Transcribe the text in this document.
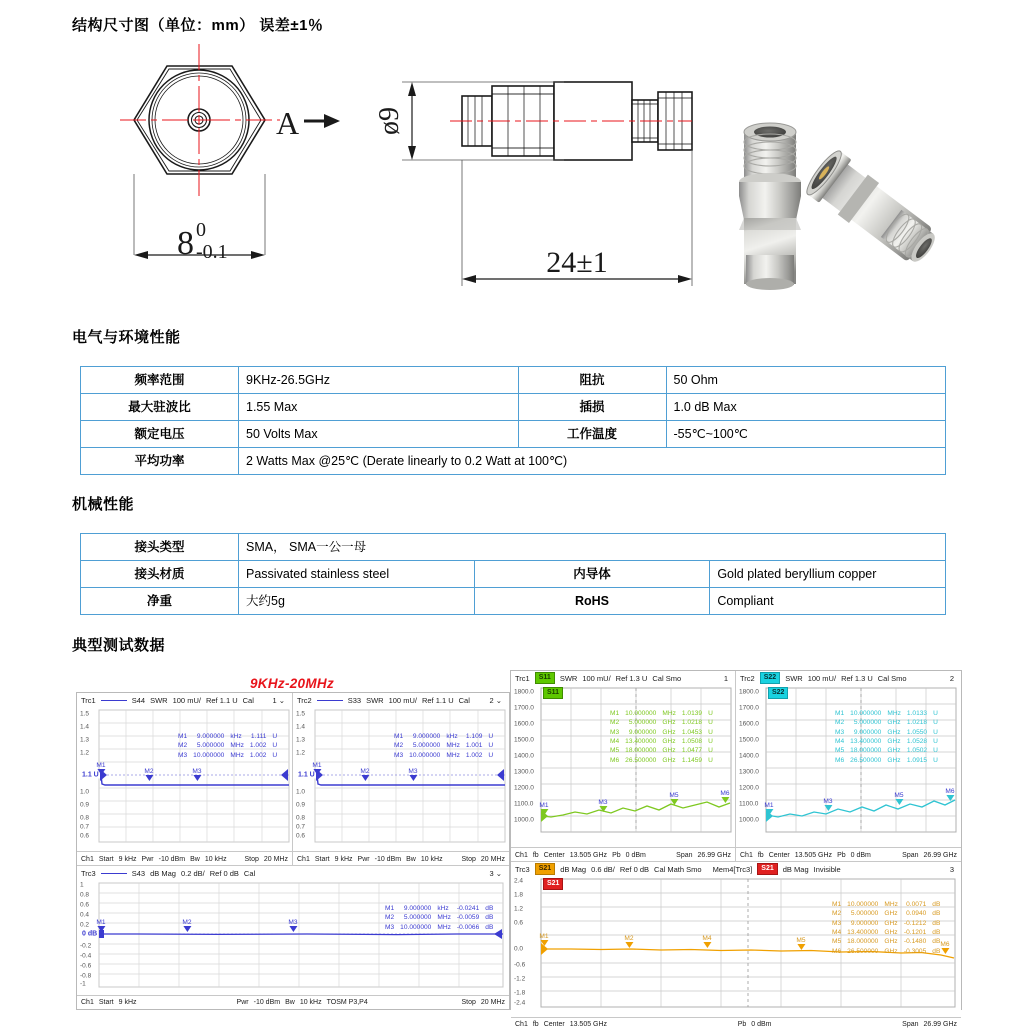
结构尺寸图（单位：mm） 误差±1％
8 0
-0.1
A	ø9
24±1
电气与环境性能
频率范围	9KHz-26.5GHz	阻抗	50 Ohm
最大驻波比	1.55 Max	插损	1.0 dB Max
额定电压	50 Volts Max	工作温度	-55℃~100℃
平均功率	2 Watts Max @25℃ (Derate linearly to 0.2 Watt at 100℃)		
机械性能
接头类型	SMA， SMA一公一母		
接头材质	Passivated stainless steel	内导体	Gold plated beryllium copper
净重	大约5g	RoHS	Compliant
典型测试数据
9KHz-20MHz
Trc1	S44 SWR 100 mU/ Ref 1.1 U Cal 1 ⌄
1.5
1.4
1.3
1.2
1.1 U
1.0
0.9
0.8
0.7
0.6

M1	9.000000	kHz	1.111	U
M2	5.000000	MHz	1.002	U
M3	10.000000	MHz	1.002	U

M1
M2	M3
Trc2	S33 SWR 100 mU/ Ref 1.1 U Cal	2 ⌄
1.5
1.4
1.3
1.2
1.1 U
1.0
0.9
0.8
0.7
0.6

M1	9.000000	kHz	1.109	U
M2	5.000000	MHz	1.001	U
M3	10.000000	MHz	1.002	U

M1
M2	M3
Ch1 Start 9 kHz Pwr -10 dBm Bw 10 kHz	Stop 20 MHz Ch1 Start 9 kHz Pwr -10 dBm Bw 10 kHz	Stop 20 MHz
Trc3	S43 dB Mag 0.2 dB/ Ref 0 dB Cal	3 ⌄
1
0.8
0.6
0.4
0.2
0 dB
-0.2
-0.4
-0.6
-0.8
-1

M1	9.000000	kHz	-0.0241	dB
M2	5.000000	MHz	-0.0059	dB
M3	10.000000	MHz	-0.0066	dB

M1	M2	M3
Ch1 Start 9 kHz	Pwr -10 dBm Bw 10 kHz TOSM P3,P4	Stop 20 MHz
Trc1	S11	SWR 100 mU/ Ref 1.3 U Cal Smo	1
1800.0
1700.0
1600.0
1500.0
1400.0
1300.0
1200.0
1100.0
1000.0
S11

M1	10.000000	MHz	1.0139	U
M2	5.000000	GHz	1.0218	U
M3	9.000000	GHz	1.0453	U
M4	13.400000	GHz	1.0508	U
M5	18.000000	GHz	1.0477	U
M6	26.500000	GHz	1.1459	U

M1	M3
M5	M6
Trc2	S22	SWR 100 mU/ Ref 1.3 U Cal Smo	2
1800.0
1700.0
1600.0
1500.0
1400.0
1300.0
1200.0
1100.0
1000.0
S22

M1	10.000000	MHz	1.0133	U
M2	5.000000	GHz	1.0218	U
M3	9.000000	GHz	1.0550	U
M4	13.400000	GHz	1.0528	U
M5	18.000000	GHz	1.0502	U
M6	26.500000	GHz	1.0915	U

M1
M3
M5
M6
Ch1 fb Center 13.505 GHz Pb 0 dBm	Span 26.99 GHz Ch1 fb Center 13.505 GHz Pb 0 dBm	Span 26.99 GHz
Trc3	S21	dB Mag 0.6 dB/ Ref 0 dB Cal Math Smo	Mem4[Trc3]	S21	dB Mag Invisible	3
2.4
1.8
1.2
0.6
0.0
-0.6
-1.2
-1.8
-2.4
S21

M1	10.000000	MHz	0.0071	dB
M2	5.000000	GHz	0.0940	dB
M3	9.000000	GHz	-0.1212	dB
M4	13.400000	GHz	-0.1201	dB
M5	18.000000	GHz	-0.1480	dB
M6	26.500000	GHz	-0.3005	dB

M1	M2	M4	M5
M6
Ch1 fb Center 13.505 GHz	Pb 0 dBm	Span 26.99 GHz
